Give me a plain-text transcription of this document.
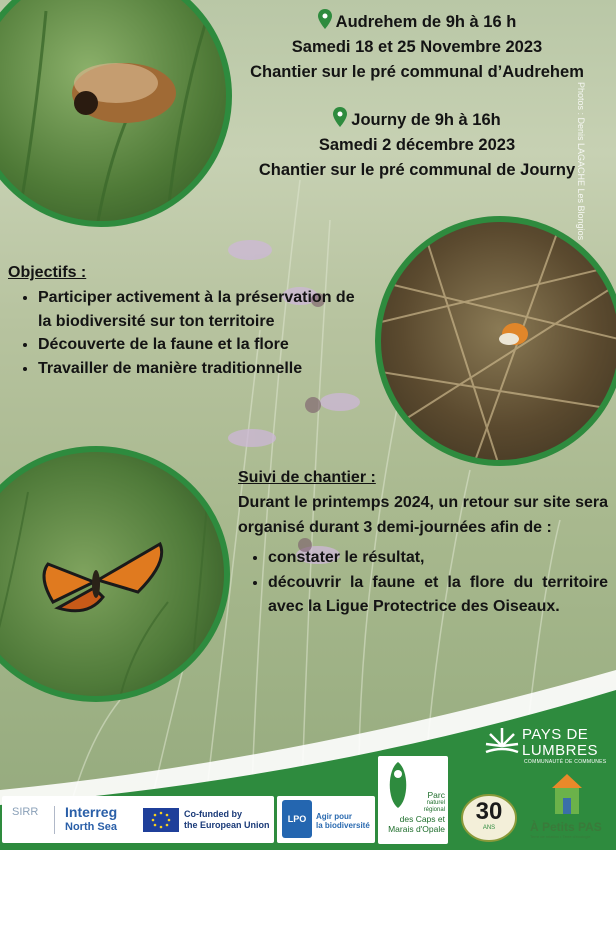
Audrehem de 9h à 16 h
Samedi 18 et 25 Novembre 2023
Chantier sur le pré communal d’Audrehem
Journy de 9h à 16h
Samedi 2 décembre 2023
Chantier sur le pré communal de Journy Photos : Denis LAGACHE Les Blongios
Objectifs :
• Participer activement à la préservation de la biodiversité sur ton territoire
• Découverte de la faune et la flore
• Travailler de manière traditionnelle
Suivi de chantier :

Durant le printemps 2024, un retour sur site sera organisé durant 3 demi-journées afin de :

• constater le résultat,
• découvrir la faune et la flore du territoire avec la Ligue Protectrice des Oiseaux.
PAYS DE
LUMBRES
COMMUNAUTÉ DE COMMUNES
SIRR Interreg
North Sea
Co-funded by
the European Union
LPO	Agir pour
la biodiversité
Parc
naturel
régional
des Caps et
Marais d'Opale
30
ANS	À Petits PAS
Terre de relation • Terre d'écologie
